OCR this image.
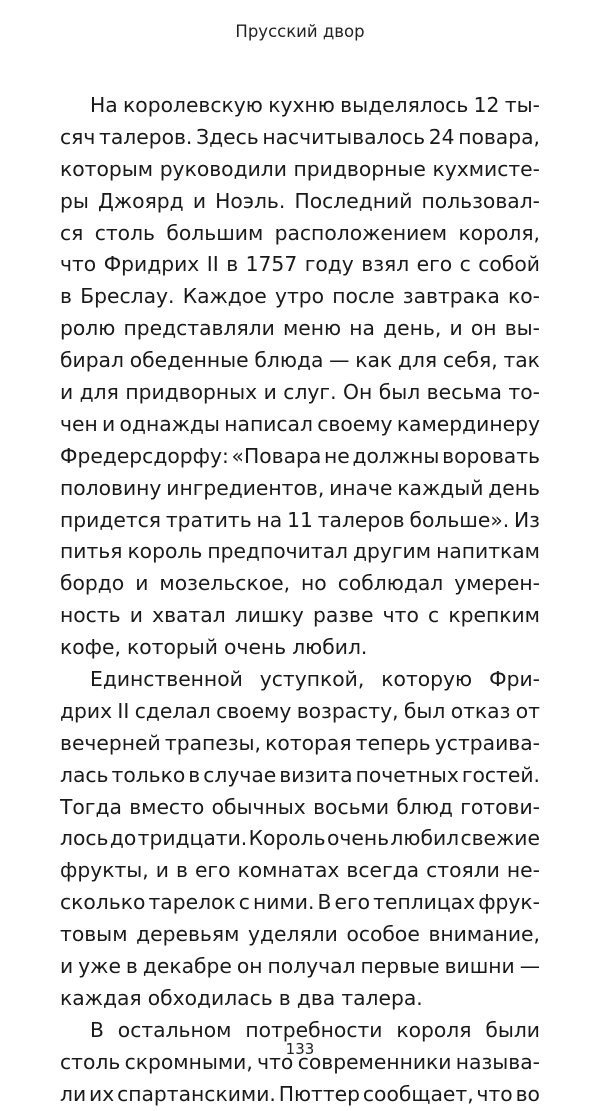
Прусский двор
На королевскую кухню выделялось 12 ты-
сяч талеров. Здесь насчитывалось 24 повара,
которым руководили придворные кухмисте-
ры Джоярд и Ноэль. Последний пользовал-
ся столь большим расположением короля,
что Фридрих II в 1757 году взял его с собой
в Бреслау. Каждое утро после завтрака ко-
ролю представляли меню на день, и он вы-
бирал обеденные блюда — как для себя, так
и для придворных и слуг. Он был весьма то-
чен и однажды написал своему камердинеру
Фредерсдорфу: «Повара не должны воровать
половину ингредиентов, иначе каждый день
придется тратить на 11 талеров больше». Из
питья король предпочитал другим напиткам
бордо и мозельское, но соблюдал умерен-
ность и хватал лишку разве что с крепким
кофе, который очень любил.
Единственной уступкой, которую Фри-
дрих II сделал своему возрасту, был отказ от
вечерней трапезы, которая теперь устраива-
лась только в случае визита почетных гостей.
Тогда вместо обычных восьми блюд готови-
лось до тридцати. Король очень любил свежие
фрукты, и в его комнатах всегда стояли не-
сколько тарелок с ними. В его теплицах фрук-
товым деревьям уделяли особое внимание,
и уже в декабре он получал первые вишни —
каждая обходилась в два талера.
В остальном потребности короля были
столь скромными, что современники называ-
ли их спартанскими. Пюттер сообщает, что во
133
